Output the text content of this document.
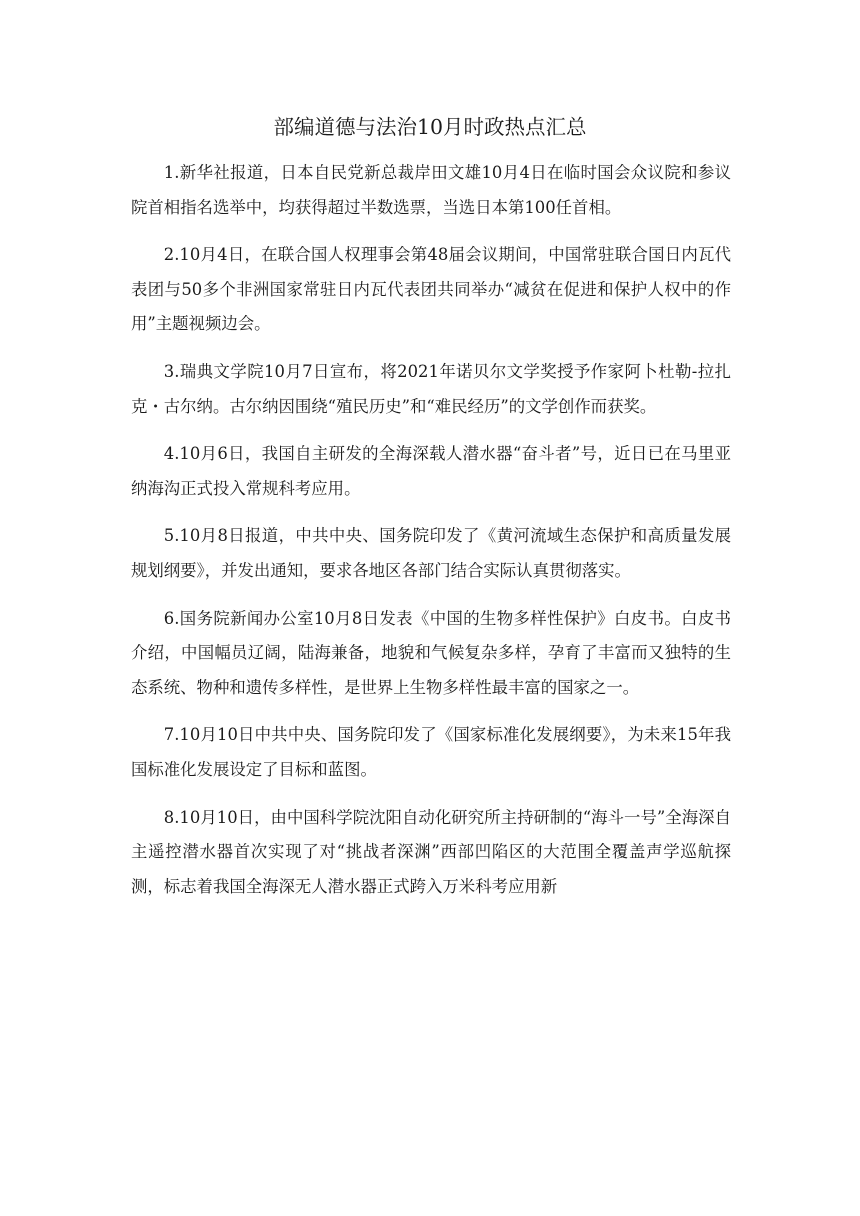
部编道德与法治10月时政热点汇总

1.新华社报道，日本自民党新总裁岸田文雄10月4日在临时国会众议院和参议院首相指名选举中，均获得超过半数选票，当选日本第100任首相。

2.10月4日，在联合国人权理事会第48届会议期间，中国常驻联合国日内瓦代表团与50多个非洲国家常驻日内瓦代表团共同举办“减贫在促进和保护人权中的作用”主题视频边会。

3.瑞典文学院10月7日宣布，将2021年诺贝尔文学奖授予作家阿卜杜勒-拉扎克・古尔纳。古尔纳因围绕“殖民历史”和“难民经历”的文学创作而获奖。

4.10月6日，我国自主研发的全海深载人潜水器“奋斗者”号，近日已在马里亚纳海沟正式投入常规科考应用。

5.10月8日报道，中共中央、国务院印发了《黄河流域生态保护和高质量发展规划纲要》，并发出通知，要求各地区各部门结合实际认真贯彻落实。

6.国务院新闻办公室10月8日发表《中国的生物多样性保护》白皮书。白皮书介绍，中国幅员辽阔，陆海兼备，地貌和气候复杂多样，孕育了丰富而又独特的生态系统、物种和遗传多样性，是世界上生物多样性最丰富的国家之一。

7.10月10日中共中央、国务院印发了《国家标准化发展纲要》，为未来15年我国标准化发展设定了目标和蓝图。

8.10月10日，由中国科学院沈阳自动化研究所主持研制的“海斗一号”全海深自主遥控潜水器首次实现了对“挑战者深渊”西部凹陷区的大范围全覆盖声学巡航探测，标志着我国全海深无人潜水器正式跨入万米科考应用新
